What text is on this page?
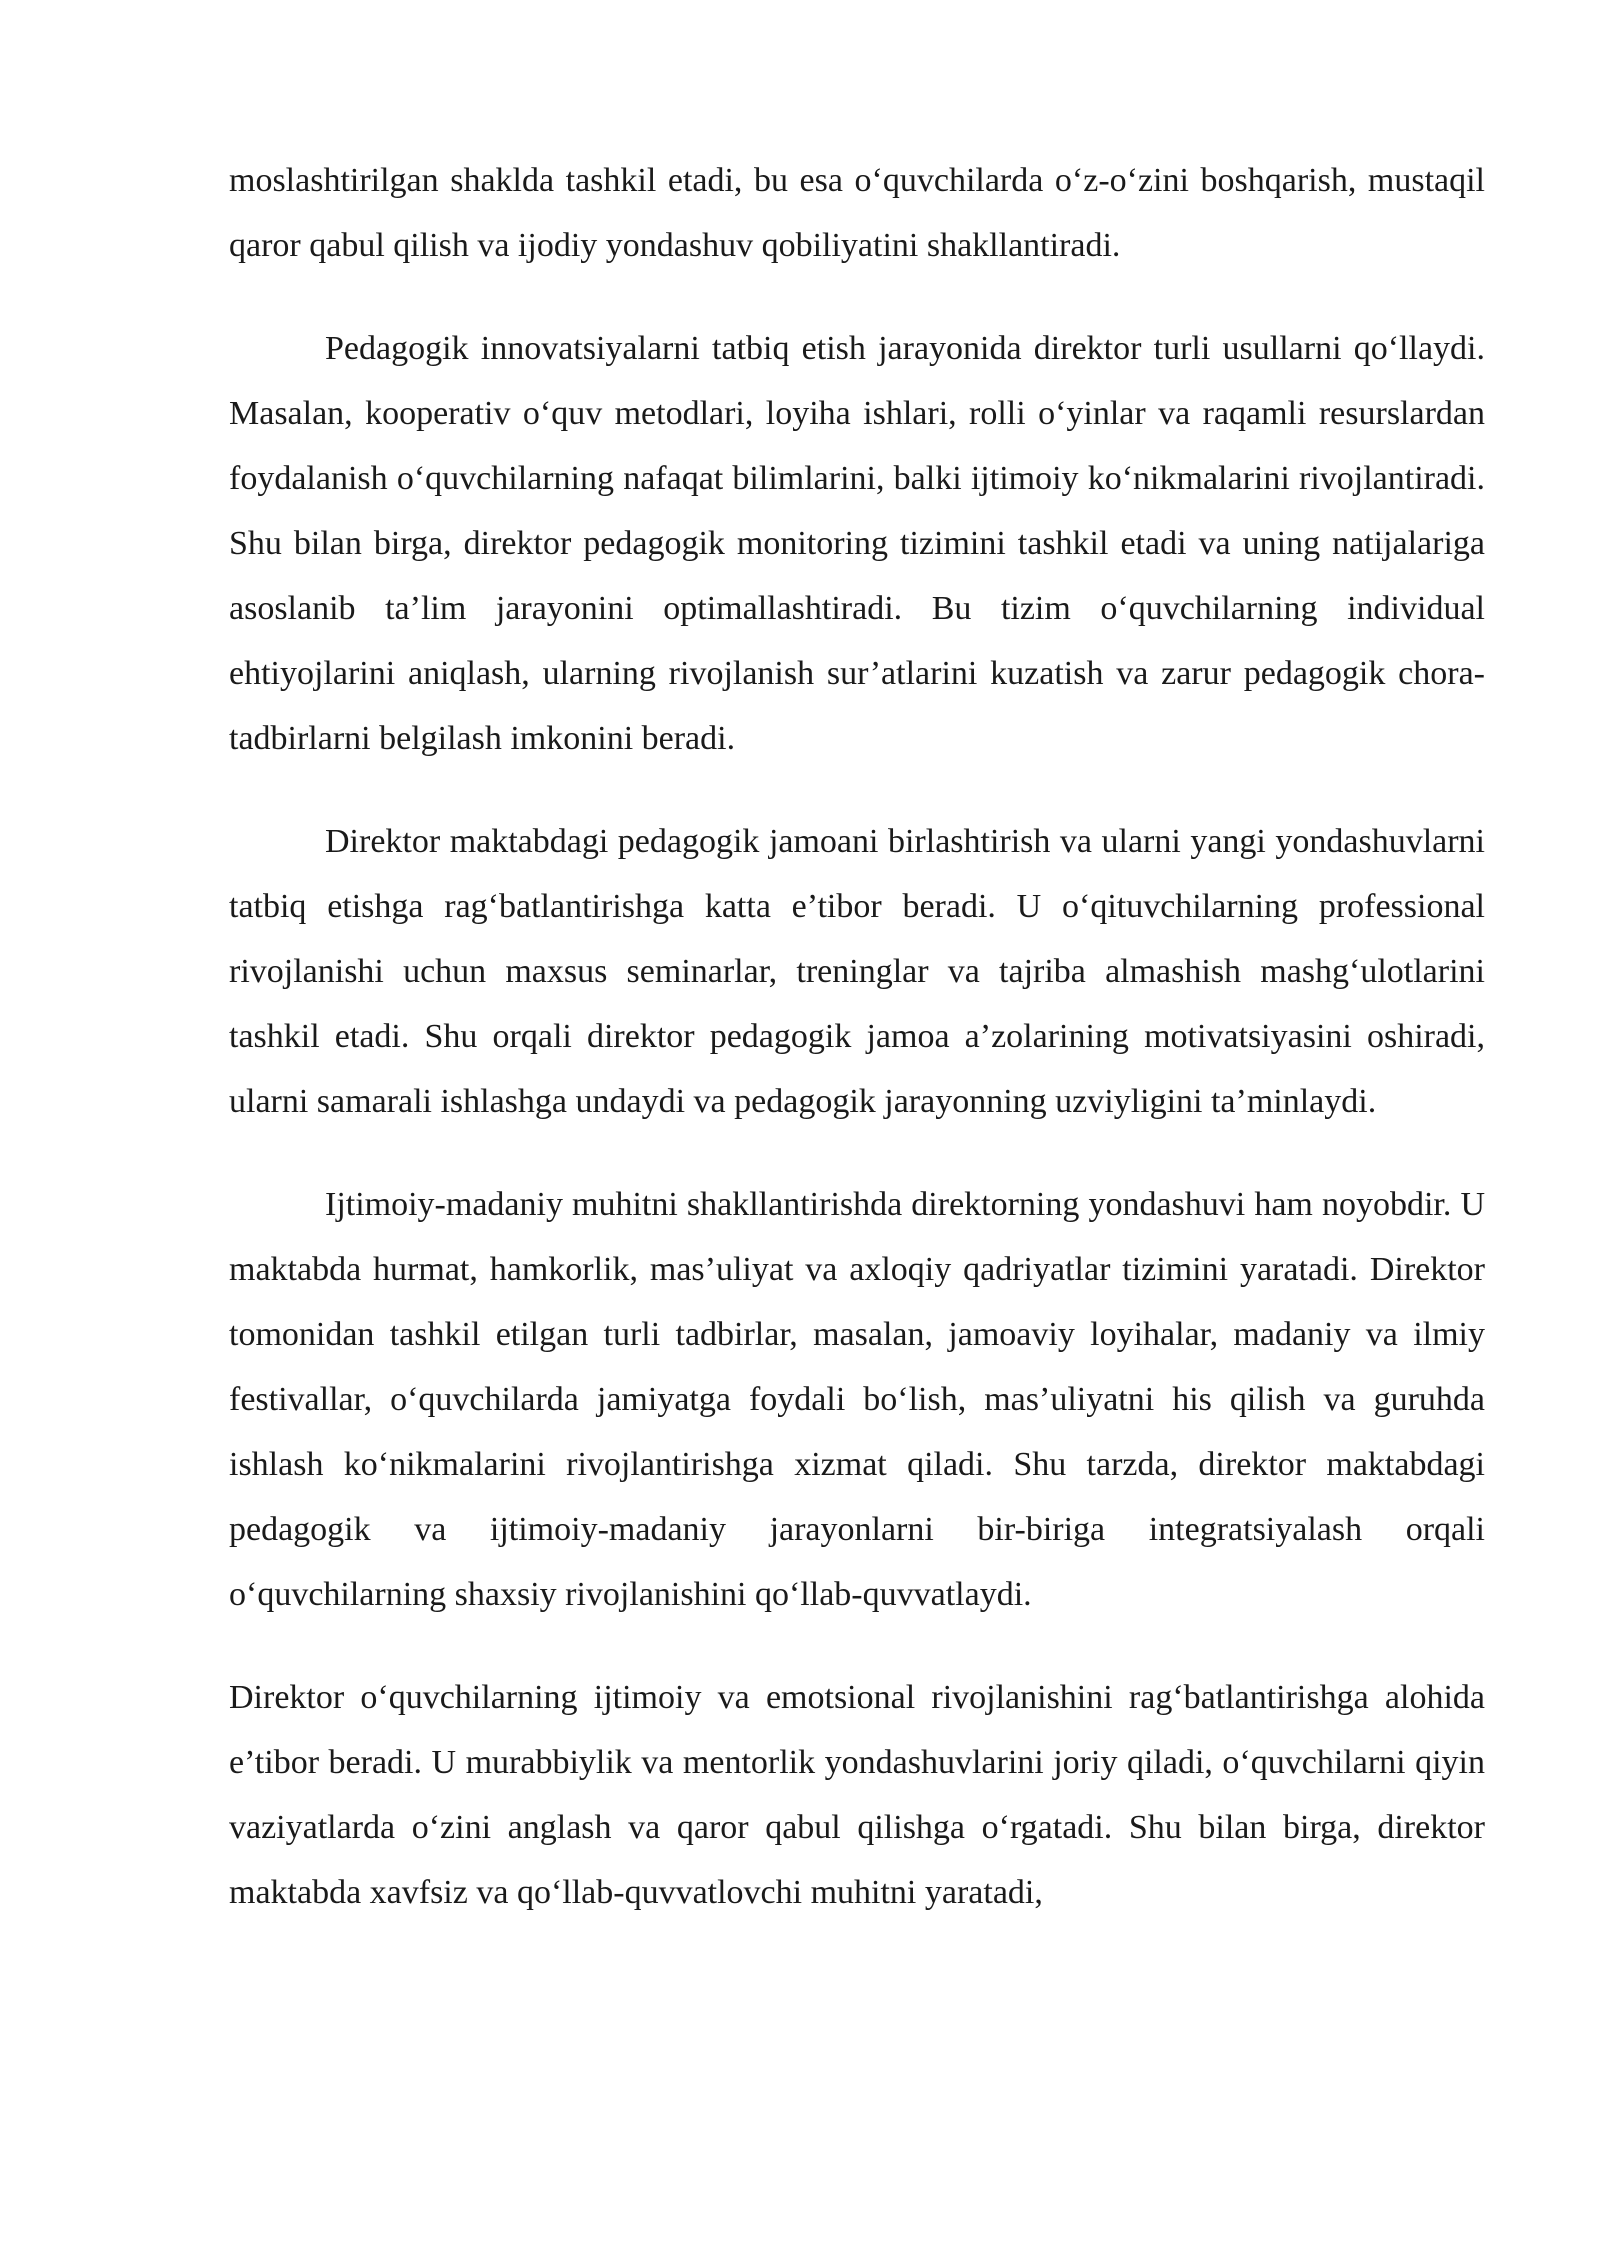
moslashtirilgan shaklda tashkil etadi, bu esa o‘quvchilarda o‘z-o‘zini boshqarish, mustaqil qaror qabul qilish va ijodiy yondashuv qobiliyatini shakllantiradi.

Pedagogik innovatsiyalarni tatbiq etish jarayonida direktor turli usullarni qo‘llaydi. Masalan, kooperativ o‘quv metodlari, loyiha ishlari, rolli o‘yinlar va raqamli resurslardan foydalanish o‘quvchilarning nafaqat bilimlarini, balki ijtimoiy ko‘nikmalarini rivojlantiradi. Shu bilan birga, direktor pedagogik monitoring tizimini tashkil etadi va uning natijalariga asoslanib ta’lim jarayonini optimallashtiradi. Bu tizim o‘quvchilarning individual ehtiyojlarini aniqlash, ularning rivojlanish sur’atlarini kuzatish va zarur pedagogik chora-tadbirlarni belgilash imkonini beradi.

Direktor maktabdagi pedagogik jamoani birlashtirish va ularni yangi yondashuvlarni tatbiq etishga rag‘batlantirishga katta e’tibor beradi. U o‘qituvchilarning professional rivojlanishi uchun maxsus seminarlar, treninglar va tajriba almashish mashg‘ulotlarini tashkil etadi. Shu orqali direktor pedagogik jamoa a’zolarining motivatsiyasini oshiradi, ularni samarali ishlashga undaydi va pedagogik jarayonning uzviyligini ta’minlaydi.

Ijtimoiy-madaniy muhitni shakllantirishda direktorning yondashuvi ham noyobdir. U maktabda hurmat, hamkorlik, mas’uliyat va axloqiy qadriyatlar tizimini yaratadi. Direktor tomonidan tashkil etilgan turli tadbirlar, masalan, jamoaviy loyihalar, madaniy va ilmiy festivallar, o‘quvchilarda jamiyatga foydali bo‘lish, mas’uliyatni his qilish va guruhda ishlash ko‘nikmalarini rivojlantirishga xizmat qiladi. Shu tarzda, direktor maktabdagi pedagogik va ijtimoiy-madaniy jarayonlarni bir-biriga integratsiyalash orqali o‘quvchilarning shaxsiy rivojlanishini qo‘llab-quvvatlaydi.

Direktor o‘quvchilarning ijtimoiy va emotsional rivojlanishini rag‘batlantirishga alohida e’tibor beradi. U murabbiylik va mentorlik yondashuvlarini joriy qiladi, o‘quvchilarni qiyin vaziyatlarda o‘zini anglash va qaror qabul qilishga o‘rgatadi. Shu bilan birga, direktor maktabda xavfsiz va qo‘llab-quvvatlovchi muhitni yaratadi,
